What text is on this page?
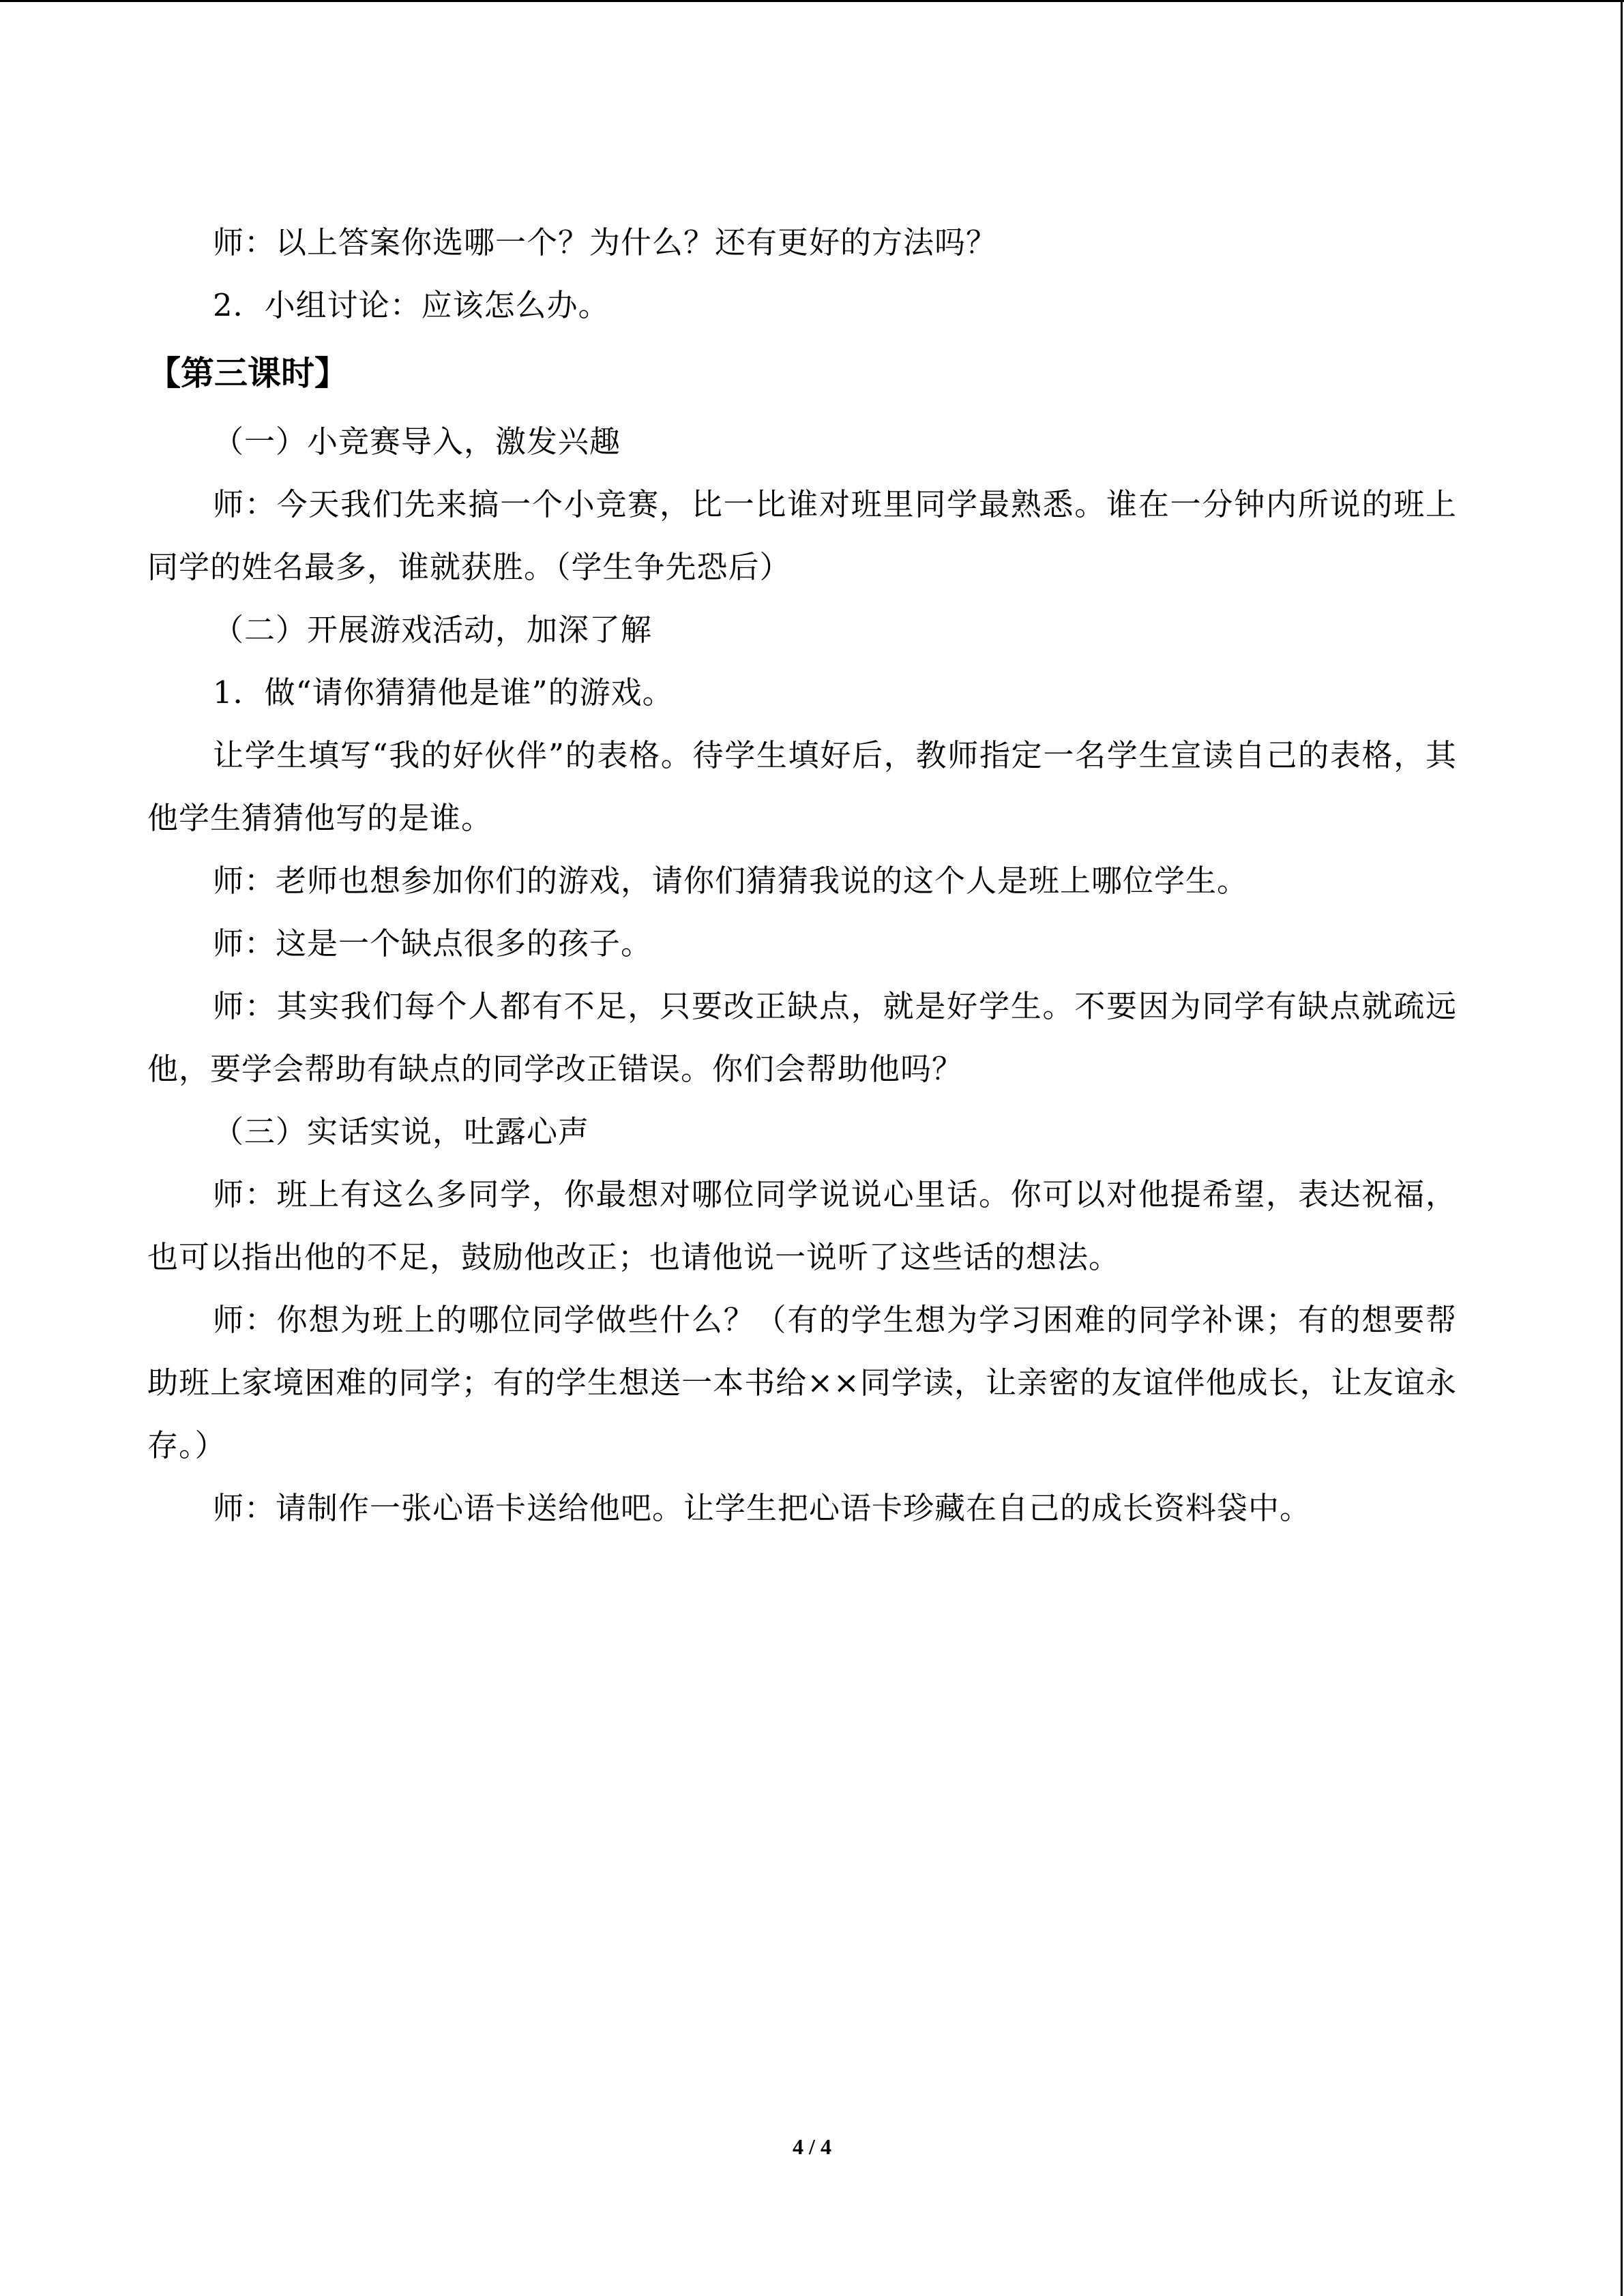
师：以上答案你选哪一个？为什么？还有更好的方法吗？

2．小组讨论：应该怎么办。

【第三课时】

（一）小竞赛导入，激发兴趣

师：今天我们先来搞一个小竞赛，比一比谁对班里同学最熟悉。谁在一分钟内所说的班上同学的姓名最多，谁就获胜。（学生争先恐后）

（二）开展游戏活动，加深了解

1．做“请你猜猜他是谁”的游戏。

让学生填写“我的好伙伴”的表格。待学生填好后，教师指定一名学生宣读自己的表格，其他学生猜猜他写的是谁。

师：老师也想参加你们的游戏，请你们猜猜我说的这个人是班上哪位学生。

师：这是一个缺点很多的孩子。

师：其实我们每个人都有不足，只要改正缺点，就是好学生。不要因为同学有缺点就疏远他，要学会帮助有缺点的同学改正错误。你们会帮助他吗？

（三）实话实说，吐露心声

师：班上有这么多同学，你最想对哪位同学说说心里话。你可以对他提希望，表达祝福，也可以指出他的不足，鼓励他改正；也请他说一说听了这些话的想法。

师：你想为班上的哪位同学做些什么？（有的学生想为学习困难的同学补课；有的想要帮助班上家境困难的同学；有的学生想送一本书给××同学读，让亲密的友谊伴他成长，让友谊永存。）

师：请制作一张心语卡送给他吧。让学生把心语卡珍藏在自己的成长资料袋中。

4 / 4
